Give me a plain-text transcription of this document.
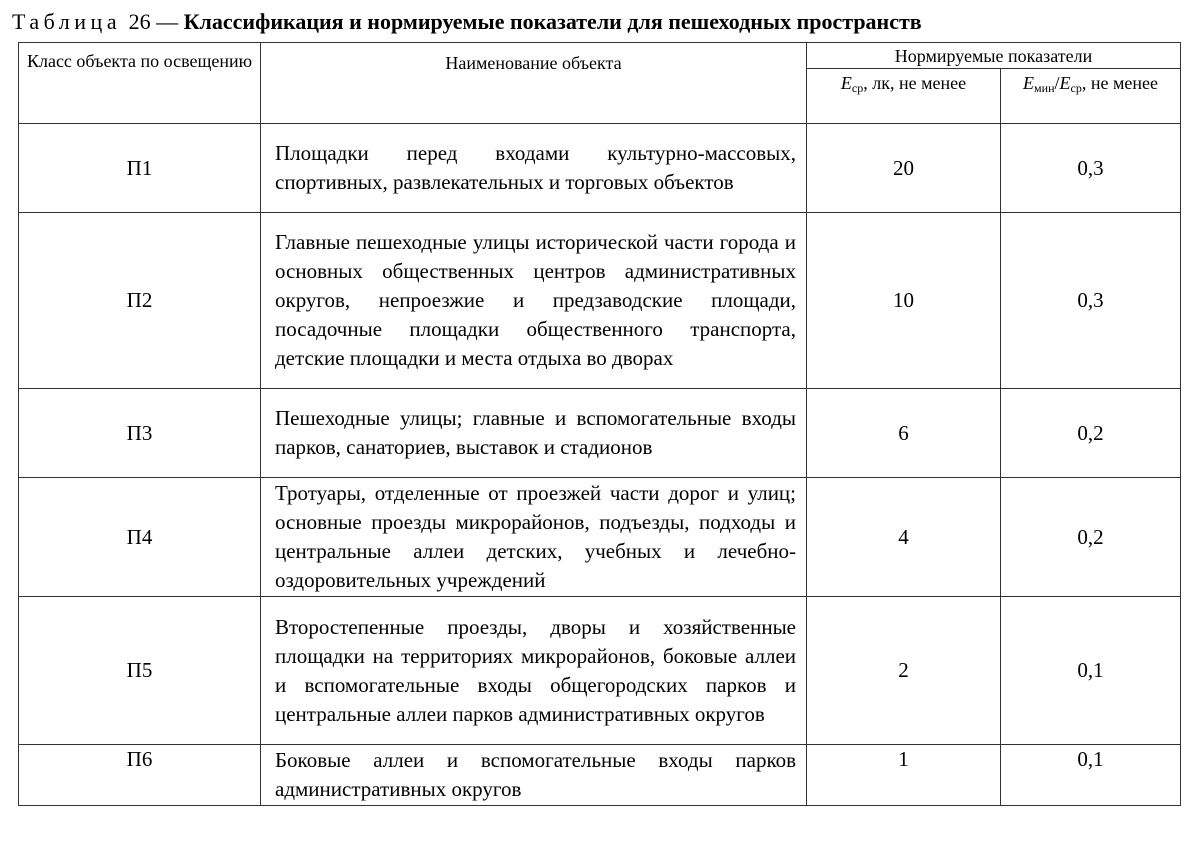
Таблица 26 — Классификация и нормируемые показатели для пешеходных пространств
Класс объекта по освещению	Наименование объекта	Нормируемые показатели	
		$E_{ср}$, лк, не менее	$E_{мин}/E_{ср}$, не менее
П1	Площадки перед входами культурно-массовых, спортивных, развлекательных и торговых объектов	20	0,3
П2	Главные пешеходные улицы исторической части города и основных общественных центров административных округов, непроезжие и предзаводские площади, посадочные площадки общественного транспорта, детские площадки и места отдыха во дворах	10	0,3
П3	Пешеходные улицы; главные и вспомогательные входы парков, санаториев, выставок и стадионов	6	0,2
П4	Тротуары, отделенные от проезжей части дорог и улиц; основные проезды микрорайонов, подъезды, подходы и центральные аллеи детских, учебных и лечебно-оздоровительных учреждений	4	0,2
П5	Второстепенные проезды, дворы и хозяйственные площадки на территориях микрорайонов, боковые аллеи и вспомогательные входы общегородских парков и центральные аллеи парков административных округов	2	0,1
П6	Боковые аллеи и вспомогательные входы парков административных округов	1	0,1
